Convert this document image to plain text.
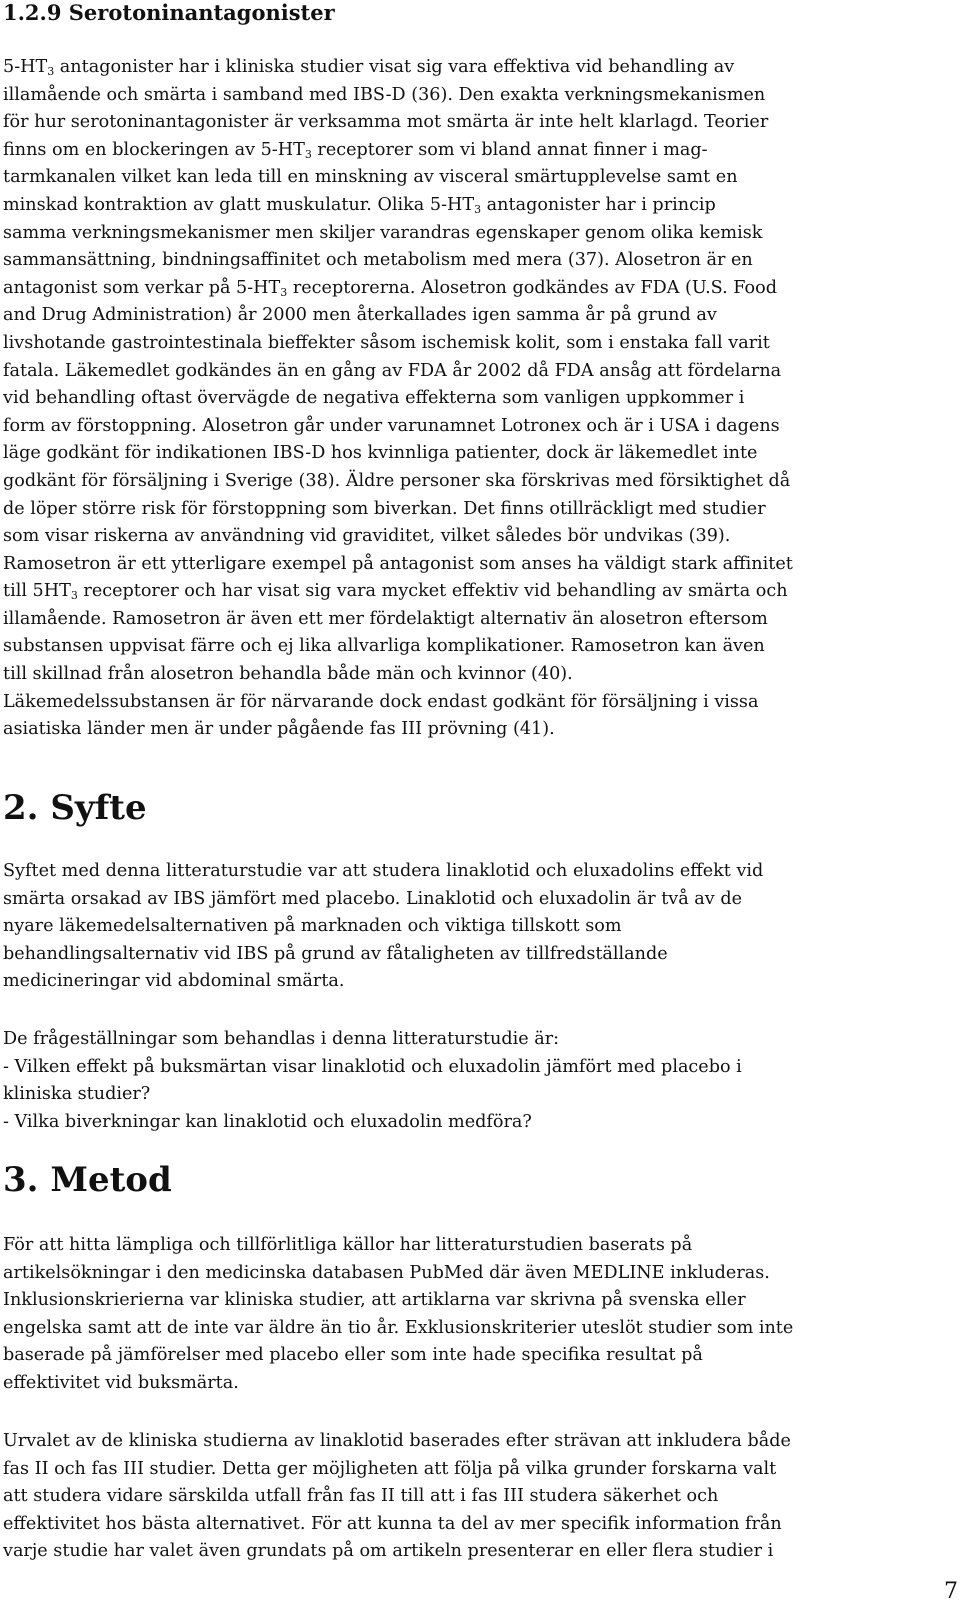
1.2.9 Serotoninantagonister
$5-HT_3$ antagonister har i kliniska studier visat sig vara effektiva vid behandling av
illamående och smärta i samband med IBS-D (36). Den exakta verkningsmekanismen
för hur serotoninantagonister är verksamma mot smärta är inte helt klarlagd. Teorier
finns om en blockeringen av $5-HT_3$ receptorer som vi bland annat finner i mag-
tarmkanalen vilket kan leda till en minskning av visceral smärtupplevelse samt en
minskad kontraktion av glatt muskulatur. Olika $5-HT_3$ antagonister har i princip
samma verkningsmekanismer men skiljer varandras egenskaper genom olika kemisk
sammansättning, bindningsaffinitet och metabolism med mera (37). Alosetron är en
antagonist som verkar på $5-HT_3$ receptorerna. Alosetron godkändes av FDA (U.S. Food
and Drug Administration) år 2000 men återkallades igen samma år på grund av
livshotande gastrointestinala bieffekter såsom ischemisk kolit, som i enstaka fall varit
fatala. Läkemedlet godkändes än en gång av FDA år 2002 då FDA ansåg att fördelarna
vid behandling oftast övervägde de negativa effekterna som vanligen uppkommer i
form av förstoppning. Alosetron går under varunamnet Lotronex och är i USA i dagens
läge godkänt för indikationen IBS-D hos kvinnliga patienter, dock är läkemedlet inte
godkänt för försäljning i Sverige (38). Äldre personer ska förskrivas med försiktighet då
de löper större risk för förstoppning som biverkan. Det finns otillräckligt med studier
som visar riskerna av användning vid graviditet, vilket således bör undvikas (39).
Ramosetron är ett ytterligare exempel på antagonist som anses ha väldigt stark affinitet
till $5HT_3$ receptorer och har visat sig vara mycket effektiv vid behandling av smärta och
illamående. Ramosetron är även ett mer fördelaktigt alternativ än alosetron eftersom
substansen uppvisat färre och ej lika allvarliga komplikationer. Ramosetron kan även
till skillnad från alosetron behandla både män och kvinnor (40).
Läkemedelssubstansen är för närvarande dock endast godkänt för försäljning i vissa
asiatiska länder men är under pågående fas III prövning (41).
2. Syfte
Syftet med denna litteraturstudie var att studera linaklotid och eluxadolins effekt vid
smärta orsakad av IBS jämfört med placebo. Linaklotid och eluxadolin är två av de
nyare läkemedelsalternativen på marknaden och viktiga tillskott som
behandlingsalternativ vid IBS på grund av fåtaligheten av tillfredställande
medicineringar vid abdominal smärta.
De frågeställningar som behandlas i denna litteraturstudie är:
- Vilken effekt på buksmärtan visar linaklotid och eluxadolin jämfört med placebo i
kliniska studier?
- Vilka biverkningar kan linaklotid och eluxadolin medföra?
3. Metod
För att hitta lämpliga och tillförlitliga källor har litteraturstudien baserats på
artikelsökningar i den medicinska databasen PubMed där även MEDLINE inkluderas.
Inklusionskrierierna var kliniska studier, att artiklarna var skrivna på svenska eller
engelska samt att de inte var äldre än tio år. Exklusionskriterier uteslöt studier som inte
baserade på jämförelser med placebo eller som inte hade specifika resultat på
effektivitet vid buksmärta.
Urvalet av de kliniska studierna av linaklotid baserades efter strävan att inkludera både
fas II och fas III studier. Detta ger möjligheten att följa på vilka grunder forskarna valt
att studera vidare särskilda utfall från fas II till att i fas III studera säkerhet och
effektivitet hos bästa alternativet. För att kunna ta del av mer specifik information från
varje studie har valet även grundats på om artikeln presenterar en eller flera studier i
7
